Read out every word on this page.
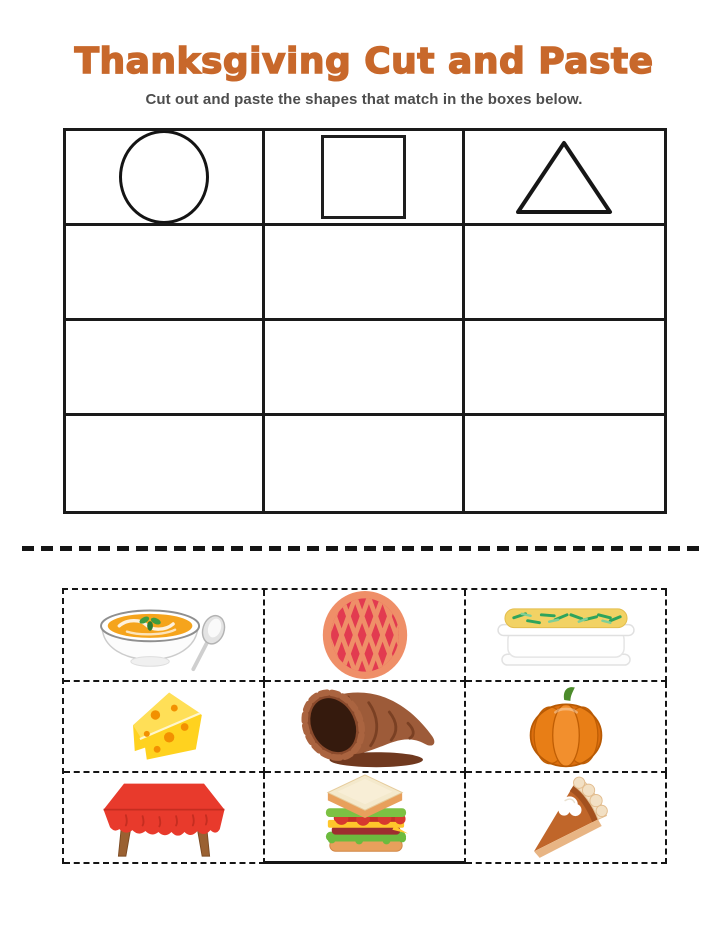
Thanksgiving Cut and Paste

Cut out and paste the shapes that match in the boxes below.
